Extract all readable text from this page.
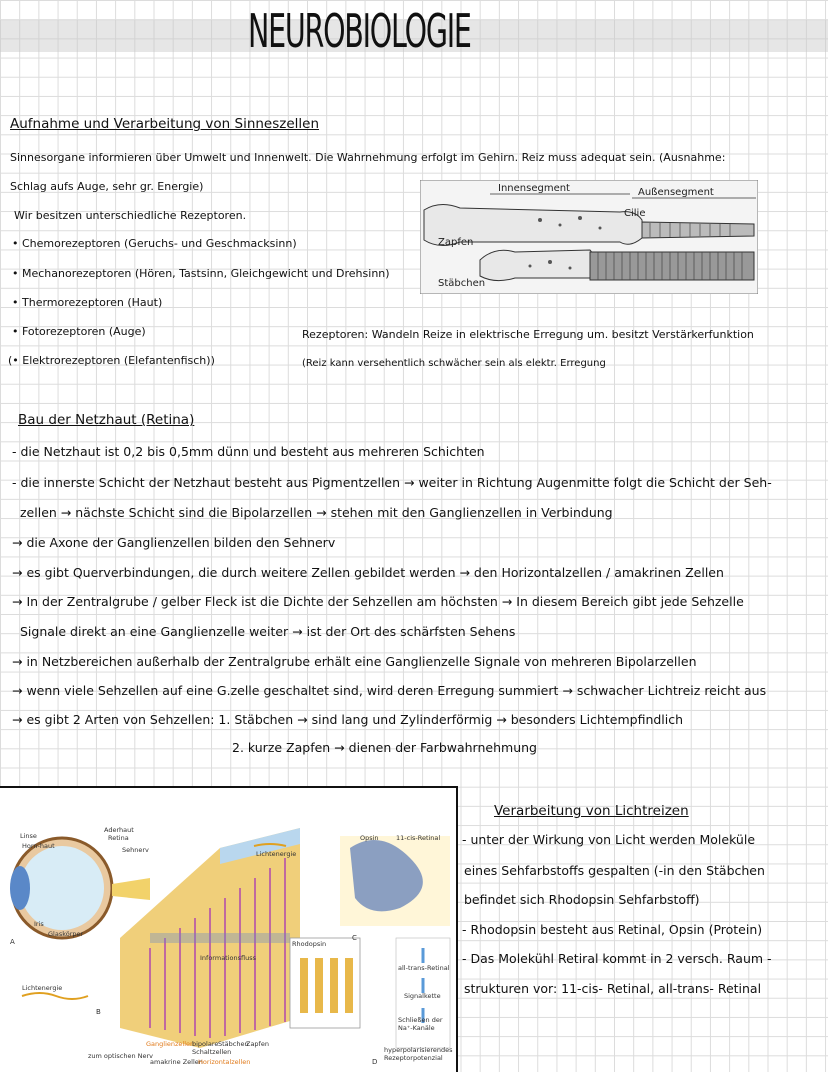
NEUROBIOLOGIE
Aufnahme und Verarbeitung von Sinneszellen
Sinnesorgane informieren über Umwelt und Innenwelt. Die Wahrnehmung erfolgt im Gehirn. Reiz muss adequat sein. (Ausnahme:
Schlag aufs Auge, sehr gr. Energie)
Wir besitzen unterschiedliche Rezeptoren.
• Chemorezeptoren (Geruchs- und Geschmacksinn)
• Mechanorezeptoren (Hören, Tastsinn, Gleichgewicht und Drehsinn)
• Thermorezeptoren (Haut)
• Fotorezeptoren (Auge)
(• Elektrorezeptoren (Elefantenfisch))
Rezeptoren: Wandeln Reize in elektrische Erregung um. besitzt Verstärkerfunktion
(Reiz kann versehentlich schwächer sein als elektr. Erregung
Innensegment	Außensegment
Cilie
Zapfen
Stäbchen
Bau der Netzhaut (Retina)
- die Netzhaut ist 0,2 bis 0,5mm dünn und besteht aus mehreren Schichten
- die innerste Schicht der Netzhaut besteht aus Pigmentzellen → weiter in Richtung Augenmitte folgt die Schicht der Seh-
zellen → nächste Schicht sind die Bipolarzellen → stehen mit den Ganglienzellen in Verbindung
→ die Axone der Ganglienzellen bilden den Sehnerv
→ es gibt Querverbindungen, die durch weitere Zellen gebildet werden → den Horizontalzellen / amakrinen Zellen
→ In der Zentralgrube / gelber Fleck ist die Dichte der Sehzellen am höchsten → In diesem Bereich gibt jede Sehzelle
Signale direkt an eine Ganglienzelle weiter → ist der Ort des schärfsten Sehens
→ in Netzbereichen außerhalb der Zentralgrube erhält eine Ganglienzelle Signale von mehreren Bipolarzellen
→ wenn viele Sehzellen auf eine G.zelle geschaltet sind, wird deren Erregung summiert → schwacher Lichtreiz reicht aus
→ es gibt 2 Arten von Sehzellen: 1. Stäbchen → sind lang und Zylinderförmig → besonders Lichtempfindlich
2. kurze Zapfen → dienen der Farbwahrnehmung
Verarbeitung von Lichtreizen
- unter der Wirkung von Licht werden Moleküle
eines Sehfarbstoffs gespalten (-in den Stäbchen
befindet sich Rhodopsin Sehfarbstoff)
- Rhodopsin besteht aus Retinal, Opsin (Protein)
- Das Molekühl Retiral kommt in 2 versch. Raum -
strukturen vor: 11-cis- Retinal, all-trans- Retinal
Linse
Horn-haut
Iris
Glaskörper
Aderhaut
Retina
Sehnerv
Lichtenergie
Lichtenergie
Informationsfluss
Rhodopsin
Opsin	11-cis-Retinal
all-trans-Retinal
Signalkette
Schließen der Na⁺-Kanäle
hyperpolarisierendes Rezeptorpotenzial
zum optischen Nerv
Ganglienzellen
bipolare
Schaltzellen
Stäbchen
Zapfen
amakrine Zellen
Horizontalzellen
A
B
C
D
